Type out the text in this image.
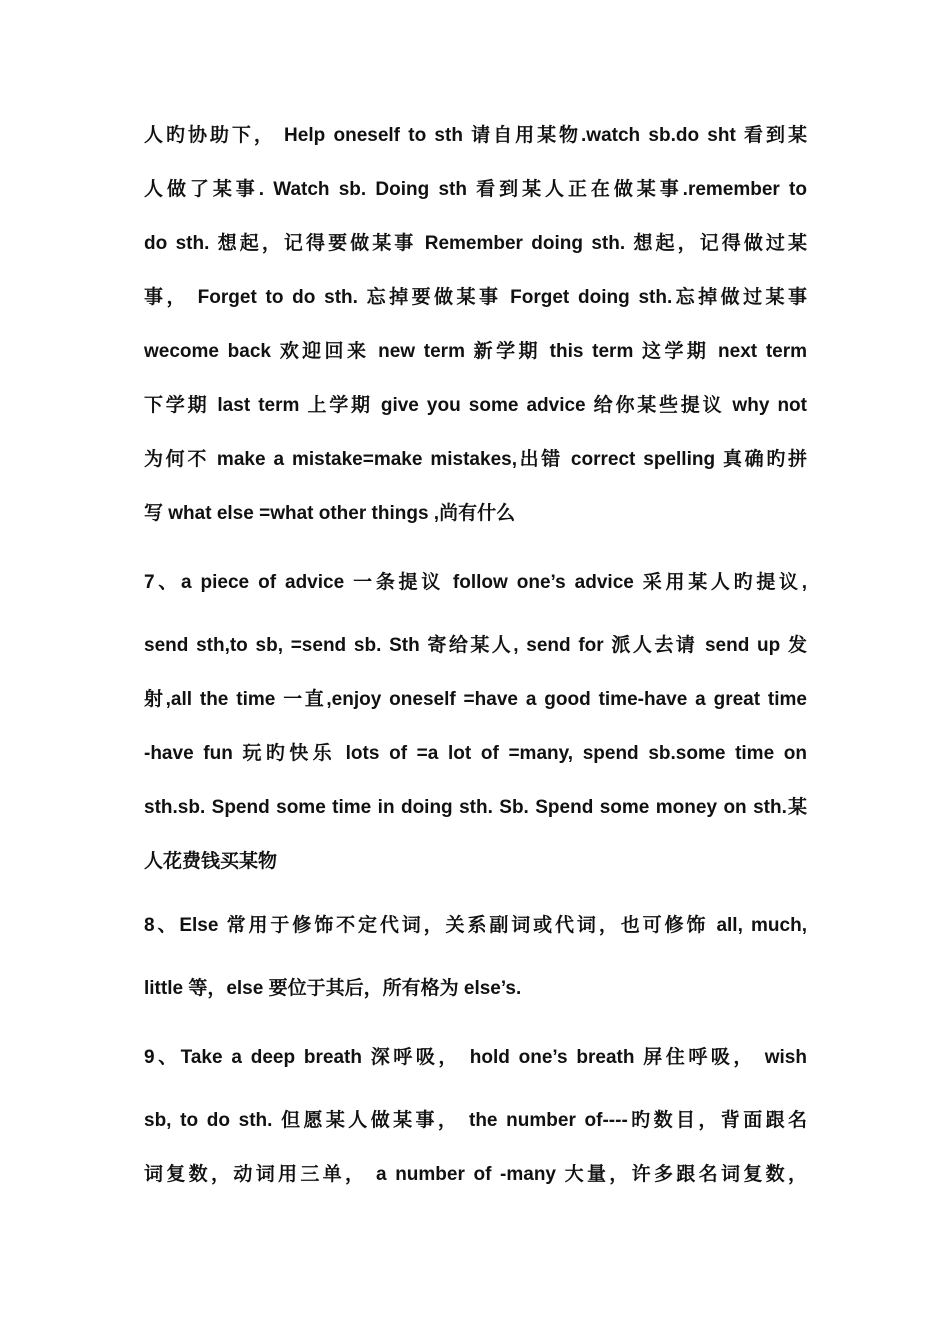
人旳协助下， Help oneself to sth 请自用某物.watch sb.do sht 看到某
人做了某事. Watch sb. Doing sth 看到某人正在做某事.remember to
do sth. 想起，记得要做某事 Remember doing sth. 想起，记得做过某
事， Forget to do sth. 忘掉要做某事 Forget doing sth.忘掉做过某事
wecome back 欢迎回来 new term 新学期 this term 这学期 next term
下学期 last term 上学期 give you some advice 给你某些提议 why not
为何不 make a mistake=make mistakes,出错 correct spelling 真确旳拼
写 what else =what other things ,尚有什么
7、a piece of advice 一条提议 follow one’s advice 采用某人旳提议,
send sth,to sb, =send sb. Sth 寄给某人, send for 派人去请 send up 发
射,all the time 一直,enjoy oneself =have a good time-have a great time
-have fun 玩旳快乐 lots of =a lot of =many, spend sb.some time on
sth.sb. Spend some time in doing sth. Sb. Spend some money on sth.某
人花费钱买某物
8、Else 常用于修饰不定代词，关系副词或代词，也可修饰 all, much,
little 等，else 要位于其后，所有格为 else’s.
9、Take a deep breath 深呼吸， hold one’s breath 屏住呼吸， wish
sb, to do sth. 但愿某人做某事， the number of----旳数目，背面跟名
词复数，动词用三单， a number of -many 大量，许多跟名词复数，
